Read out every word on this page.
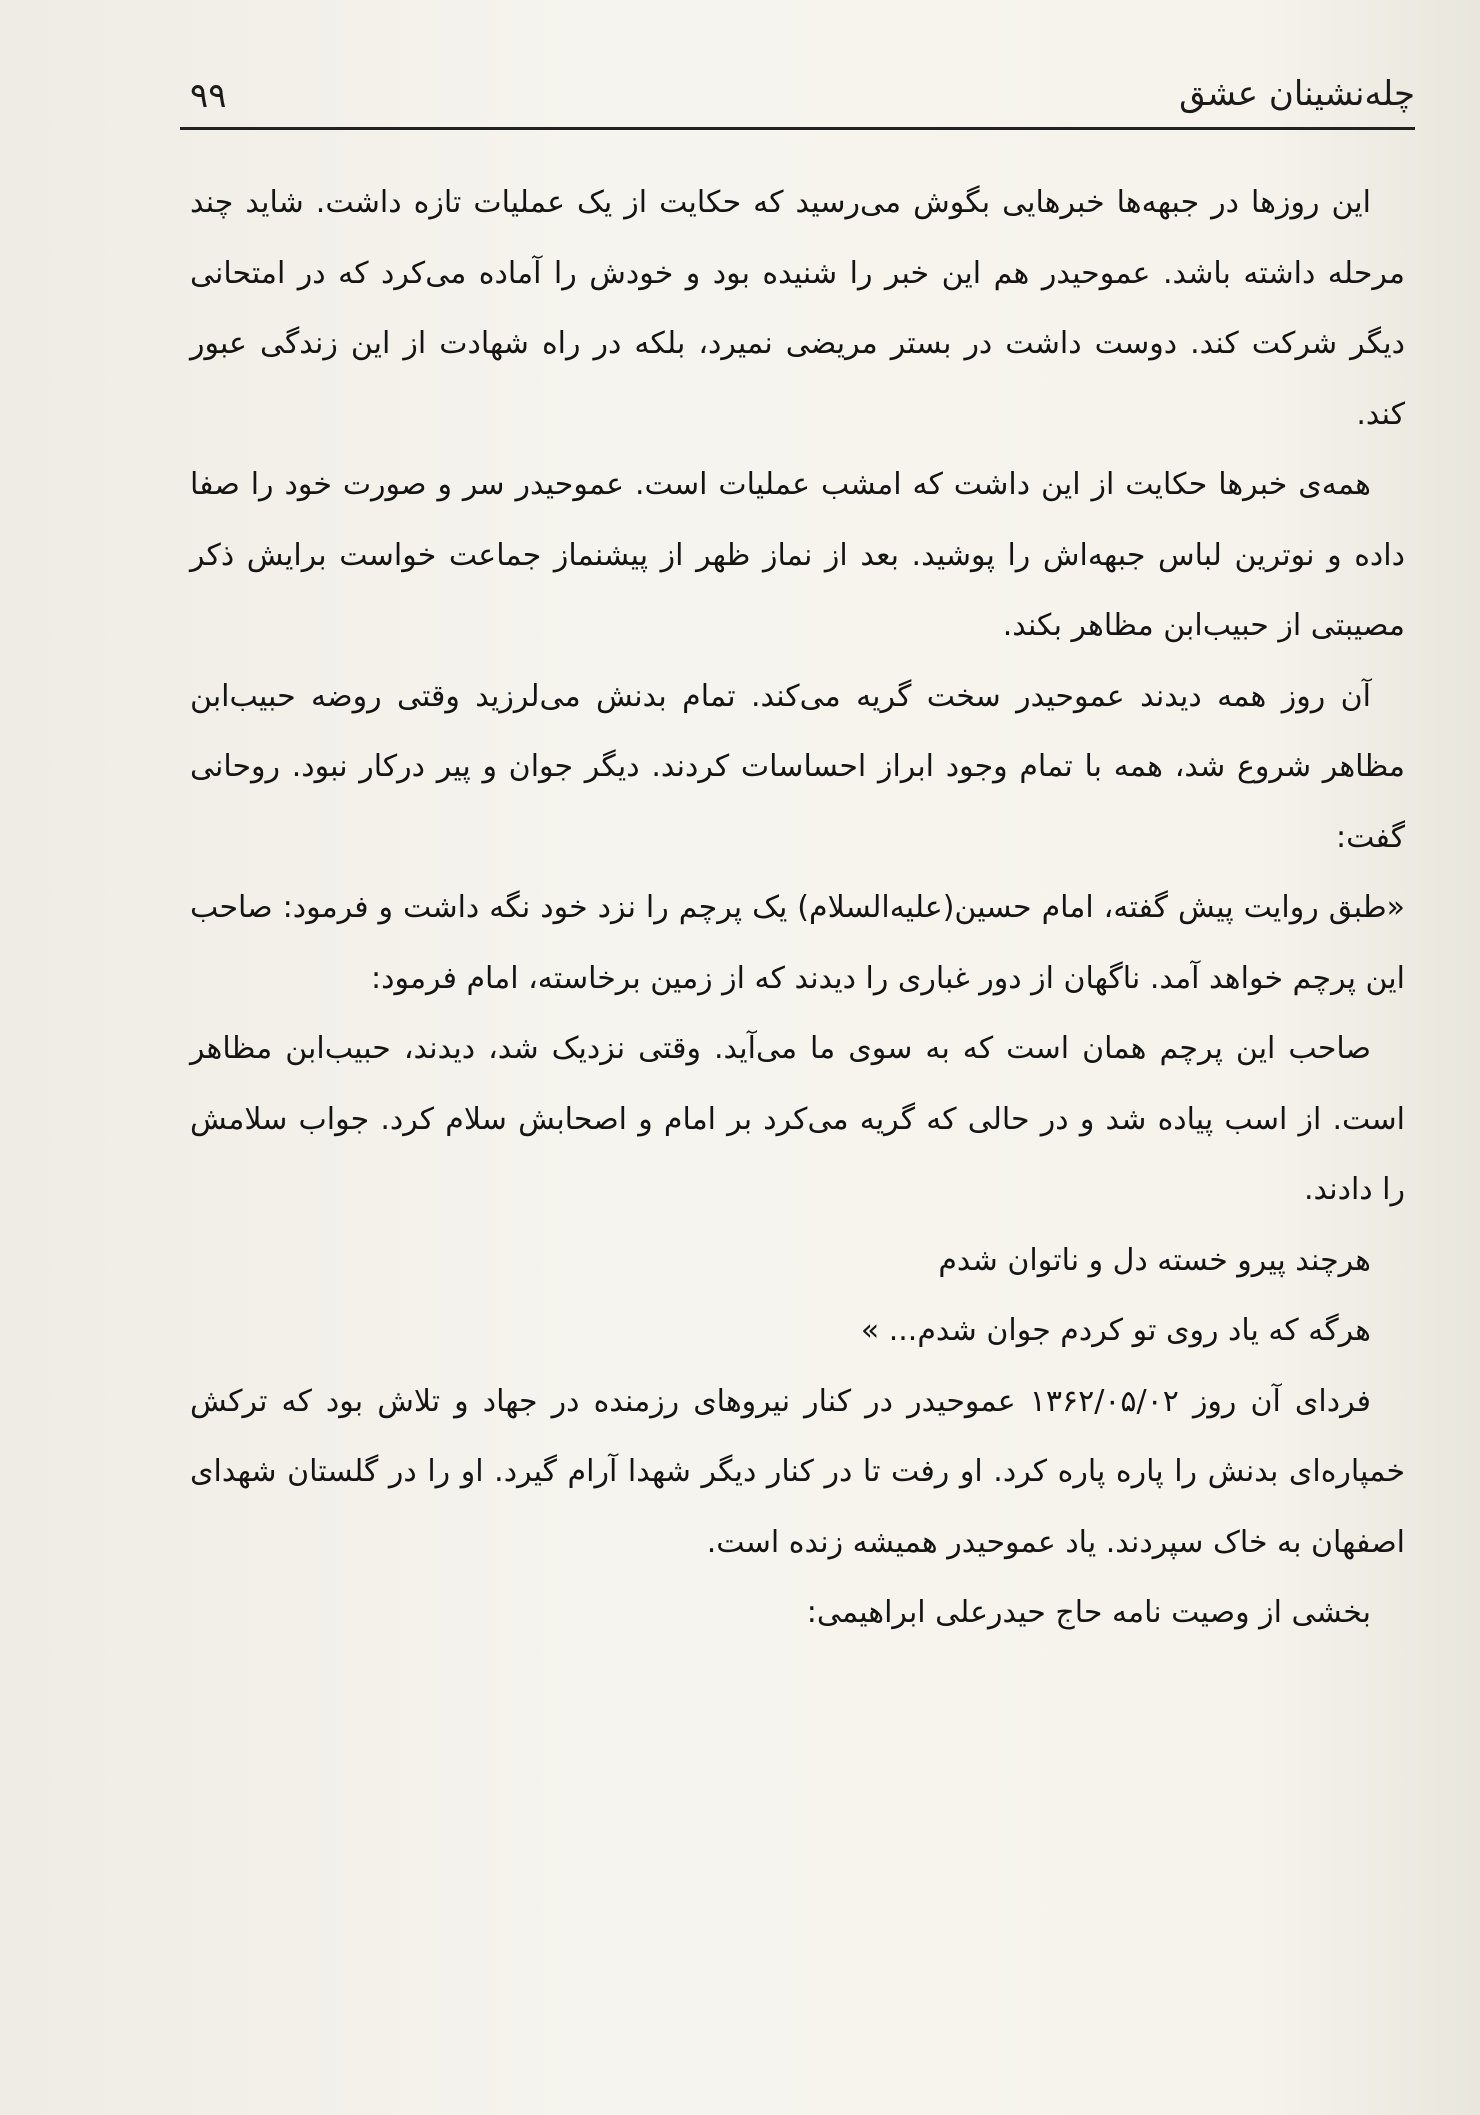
چله‌نشینان عشق
۹۹

این روزها در جبهه‌ها خبرهایی بگوش می‌رسید که حکایت از یک عملیات تازه داشت. شاید چند مرحله داشته باشد. عموحیدر هم این خبر را شنیده بود و خودش را آماده می‌کرد که در امتحانی دیگر شرکت کند. دوست داشت در بستر مریضی نمیرد، بلکه در راه شهادت از این زندگی عبور کند.

همه‌ی خبرها حکایت از این داشت که امشب عملیات است. عموحیدر سر و صورت خود را صفا داده و نوترین لباس جبهه‌اش را پوشید. بعد از نماز ظهر از پیشنماز جماعت خواست برایش ذکر مصیبتی از حبیب‌ابن مظاهر بکند.

آن روز همه دیدند عموحیدر سخت گریه می‌کند. تمام بدنش می‌لرزید وقتی روضه حبیب‌ابن مظاهر شروع شد، همه با تمام وجود ابراز احساسات کردند. دیگر جوان و پیر درکار نبود. روحانی گفت:

«طبق روایت پیش گفته، امام حسین(علیه‌السلام) یک پرچم را نزد خود نگه داشت و فرمود: صاحب این پرچم خواهد آمد. ناگهان از دور غباری را دیدند که از زمین برخاسته، امام فرمود:

صاحب این پرچم همان است که به سوی ما می‌آید. وقتی نزدیک شد، دیدند، حبیب‌ابن مظاهر است. از اسب پیاده شد و در حالی که گریه می‌کرد بر امام و اصحابش سلام کرد. جواب سلامش را دادند.

هرچند پیرو خسته دل و ناتوان شدم

هرگه که یاد روی تو کردم جوان شدم... »

فردای آن روز ۱۳۶۲/۰۵/۰۲ عموحیدر در کنار نیروهای رزمنده در جهاد و تلاش بود که ترکش خمپاره‌ای بدنش را پاره پاره کرد. او رفت تا در کنار دیگر شهدا آرام گیرد. او را در گلستان شهدای اصفهان به خاک سپردند. یاد عموحیدر همیشه زنده است.

بخشی از وصیت نامه حاج حیدرعلی ابراهیمی:
